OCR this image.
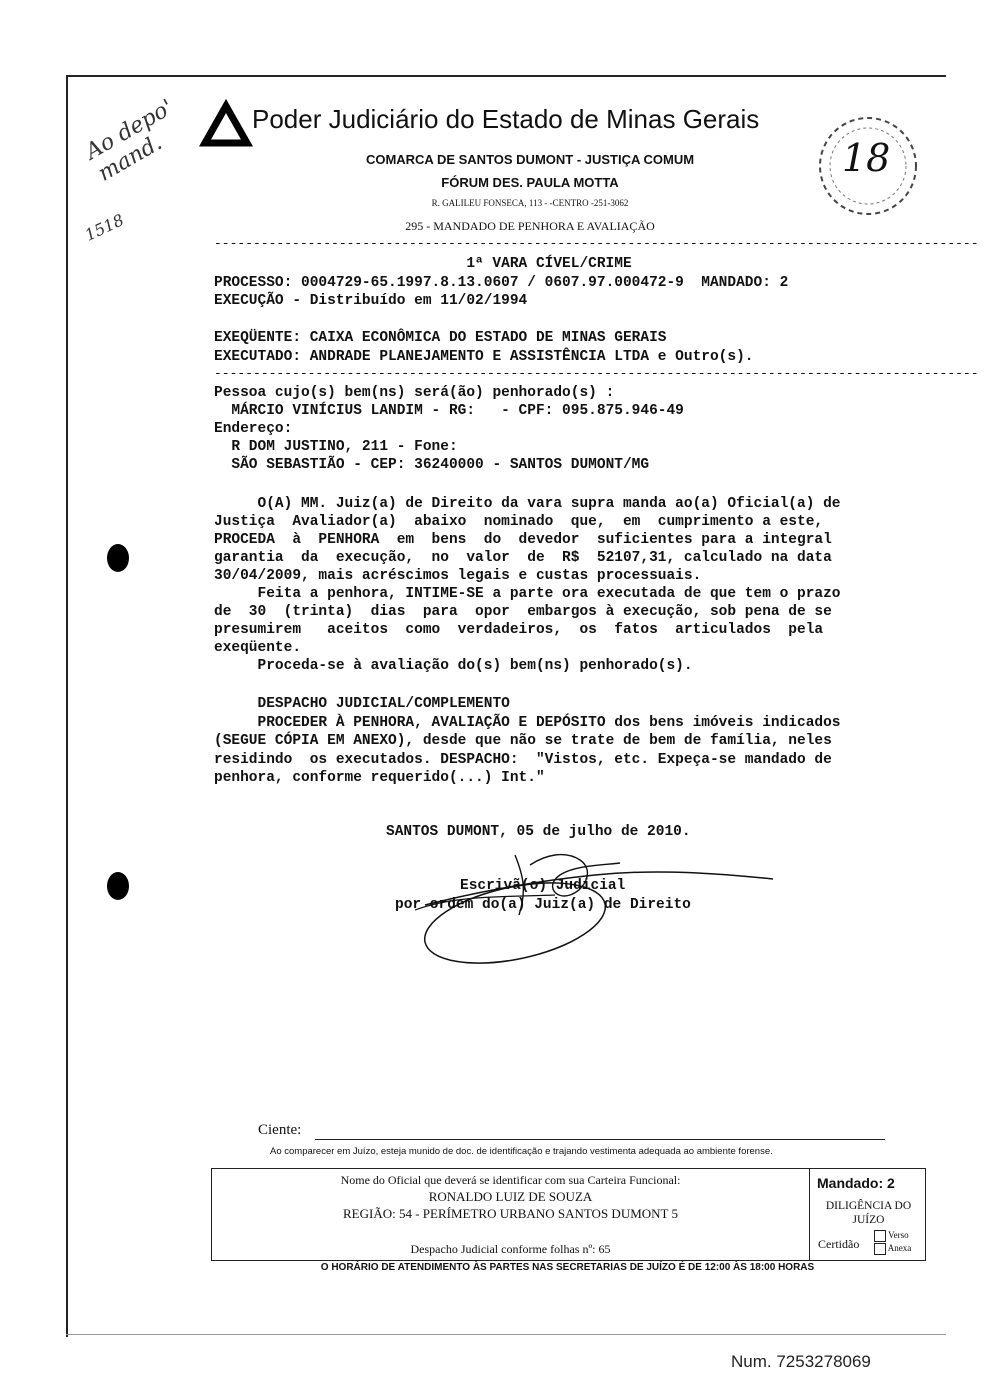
Ao depo' mand.
1518
Poder Judiciário do Estado de Minas Gerais
18
COMARCA DE SANTOS DUMONT - JUSTIÇA COMUM
FÓRUM DES. PAULA MOTTA
R. GALILEU FONSECA, 113 - -CENTRO -251-3062
295 - MANDADO DE PENHORA E AVALIAÇÃO
--------------------------------------------------------------------------------------------------
1ª VARA CÍVEL/CRIME
PROCESSO: 0004729-65.1997.8.13.0607 / 0607.97.000472-9  MANDADO: 2
EXECUÇÃO - Distribuído em 11/02/1994
EXEQÜENTE: CAIXA ECONÔMICA DO ESTADO DE MINAS GERAIS
EXECUTADO: ANDRADE PLANEJAMENTO E ASSISTÊNCIA LTDA e Outro(s).
--------------------------------------------------------------------------------------------------
Pessoa cujo(s) bem(ns) será(ão) penhorado(s) :
MÁRCIO VINÍCIUS LANDIM - RG:   - CPF: 095.875.946-49
Endereço:
R DOM JUSTINO, 211 - Fone:
SÃO SEBASTIÃO - CEP: 36240000 - SANTOS DUMONT/MG
O(A) MM. Juiz(a) de Direito da vara supra manda ao(a) Oficial(a) de
Justiça  Avaliador(a)  abaixo  nominado  que,  em  cumprimento a este,
PROCEDA  à  PENHORA  em  bens  do  devedor  suficientes para a integral
garantia  da  execução,  no  valor  de  R$  52107,31, calculado na data
30/04/2009, mais acréscimos legais e custas processuais.
Feita a penhora, INTIME-SE a parte ora executada de que tem o prazo
de  30  (trinta)  dias  para  opor  embargos à execução, sob pena de se
presumirem   aceitos  como  verdadeiros,  os  fatos  articulados  pela
exeqüente.
Proceda-se à avaliação do(s) bem(ns) penhorado(s).
DESPACHO JUDICIAL/COMPLEMENTO
PROCEDER À PENHORA, AVALIAÇÃO E DEPÓSITO dos bens imóveis indicados
(SEGUE CÓPIA EM ANEXO), desde que não se trate de bem de família, neles
residindo  os executados. DESPACHO:  "Vistos, etc. Expeça-se mandado de
penhora, conforme requerido(...) Int."
SANTOS DUMONT, 05 de julho de 2010.
Escrivã(o) Judicial
por ordem do(a) Juiz(a) de Direito
Ciente:
Ao comparecer em Juízo, esteja munido de doc. de identificação e trajando vestimenta adequada ao ambiente forense.
Nome do Oficial que deverá se identificar com sua Carteira Funcional:
RONALDO LUIZ DE SOUZA
REGIÃO: 54 - PERÍMETRO URBANO SANTOS DUMONT 5
Despacho Judicial conforme folhas nº: 65
Mandado: 2
DILIGÊNCIA DO JUÍZO
Certidão
Verso
Anexa
O HORÁRIO DE ATENDIMENTO ÀS PARTES NAS SECRETARIAS DE JUÍZO É DE 12:00 ÀS 18:00 HORAS
Num. 7253278069
